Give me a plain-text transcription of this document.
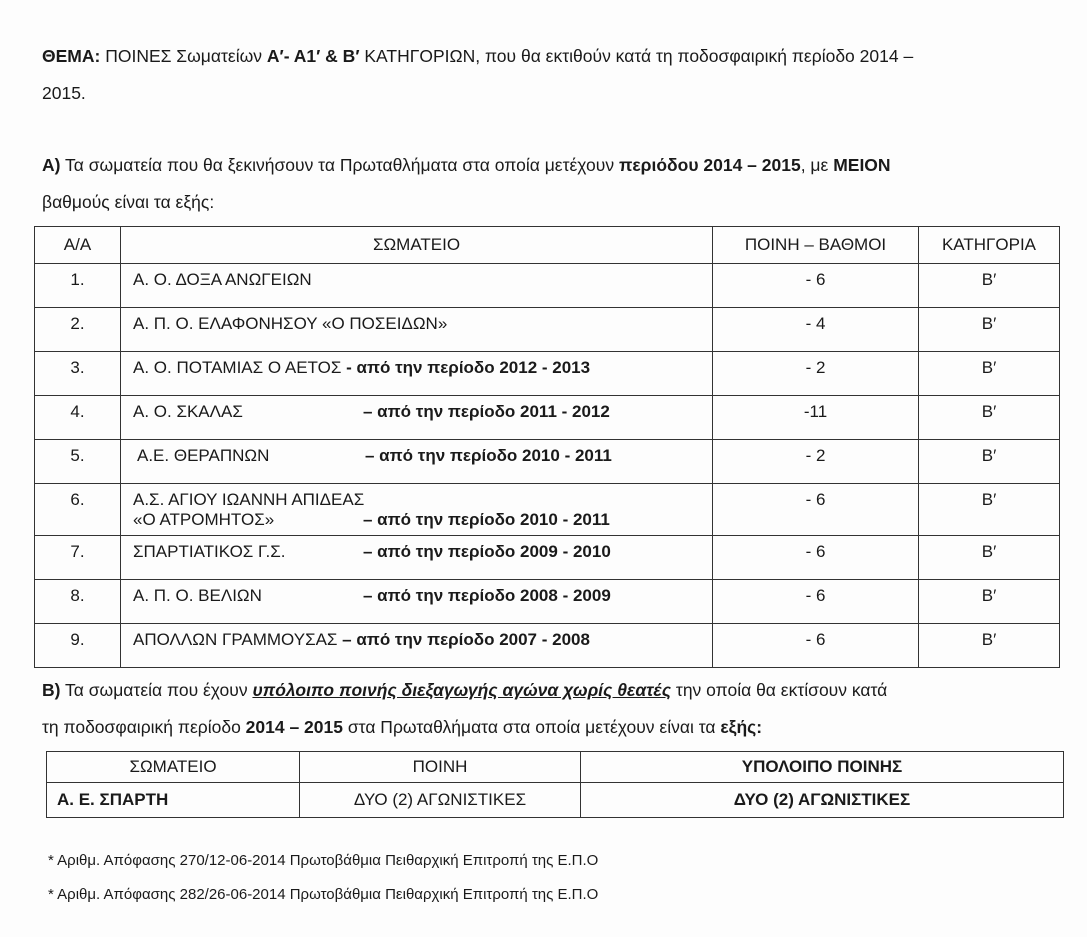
ΘΕΜΑ: ΠΟΙΝΕΣ Σωματείων Α′- Α1′ & Β′ ΚΑΤΗΓΟΡΙΩΝ, που θα εκτιθούν κατά τη ποδοσφαιρική περίοδο 2014 –
2015.
Α) Τα σωματεία που θα ξεκινήσουν τα Πρωταθλήματα στα οποία μετέχουν περιόδου 2014 – 2015, με ΜΕΙΟΝ
βαθμούς είναι τα εξής:
Α/Α	ΣΩΜΑΤΕΙΟ	ΠΟΙΝΗ – ΒΑΘΜΟΙ	ΚΑΤΗΓΟΡΙΑ
1.	Α. Ο. ΔΟΞΑ ΑΝΩΓΕΙΩΝ	- 6	Β′
2.	Α. Π. Ο. ΕΛΑΦΟΝΗΣΟΥ «Ο ΠΟΣΕΙΔΩΝ»	- 4	Β′
3.	Α. Ο. ΠΟΤΑΜΙΑΣ Ο ΑΕΤΟΣ - από την περίοδο 2012 - 2013	- 2	Β′
4.	Α. Ο. ΣΚΑΛΑΣ – από την περίοδο 2011 - 2012	-11	Β′
5.	Α.Ε. ΘΕΡΑΠΝΩΝ – από την περίοδο 2010 - 2011	- 2	Β′
6.	Α.Σ. ΑΓΙΟΥ ΙΩΑΝΝΗ ΑΠΙΔΕΑΣ
«Ο ΑΤΡΟΜΗΤΟΣ» – από την περίοδο 2010 - 2011	- 6	Β′
7.	ΣΠΑΡΤΙΑΤΙΚΟΣ Γ.Σ. – από την περίοδο 2009 - 2010	- 6	Β′
8.	Α. Π. Ο. ΒΕΛΙΩΝ – από την περίοδο 2008 - 2009	- 6	Β′
9.	ΑΠΟΛΛΩΝ ΓΡΑΜΜΟΥΣΑΣ – από την περίοδο 2007 - 2008	- 6	Β′
Β) Τα σωματεία που έχουν υπόλοιπο ποινής διεξαγωγής αγώνα χωρίς θεατές την οποία θα εκτίσουν κατά
τη ποδοσφαιρική περίοδο 2014 – 2015 στα Πρωταθλήματα στα οποία μετέχουν είναι τα εξής:
ΣΩΜΑΤΕΙΟ	ΠΟΙΝΗ	ΥΠΟΛΟΙΠΟ ΠΟΙΝΗΣ
Α. Ε. ΣΠΑΡΤΗ	ΔΥΟ (2) ΑΓΩΝΙΣΤΙΚΕΣ	ΔΥΟ (2) ΑΓΩΝΙΣΤΙΚΕΣ
* Αριθμ. Απόφασης 270/12-06-2014 Πρωτοβάθμια Πειθαρχική Επιτροπή της Ε.Π.Ο
* Αριθμ. Απόφασης 282/26-06-2014 Πρωτοβάθμια Πειθαρχική Επιτροπή της Ε.Π.Ο
